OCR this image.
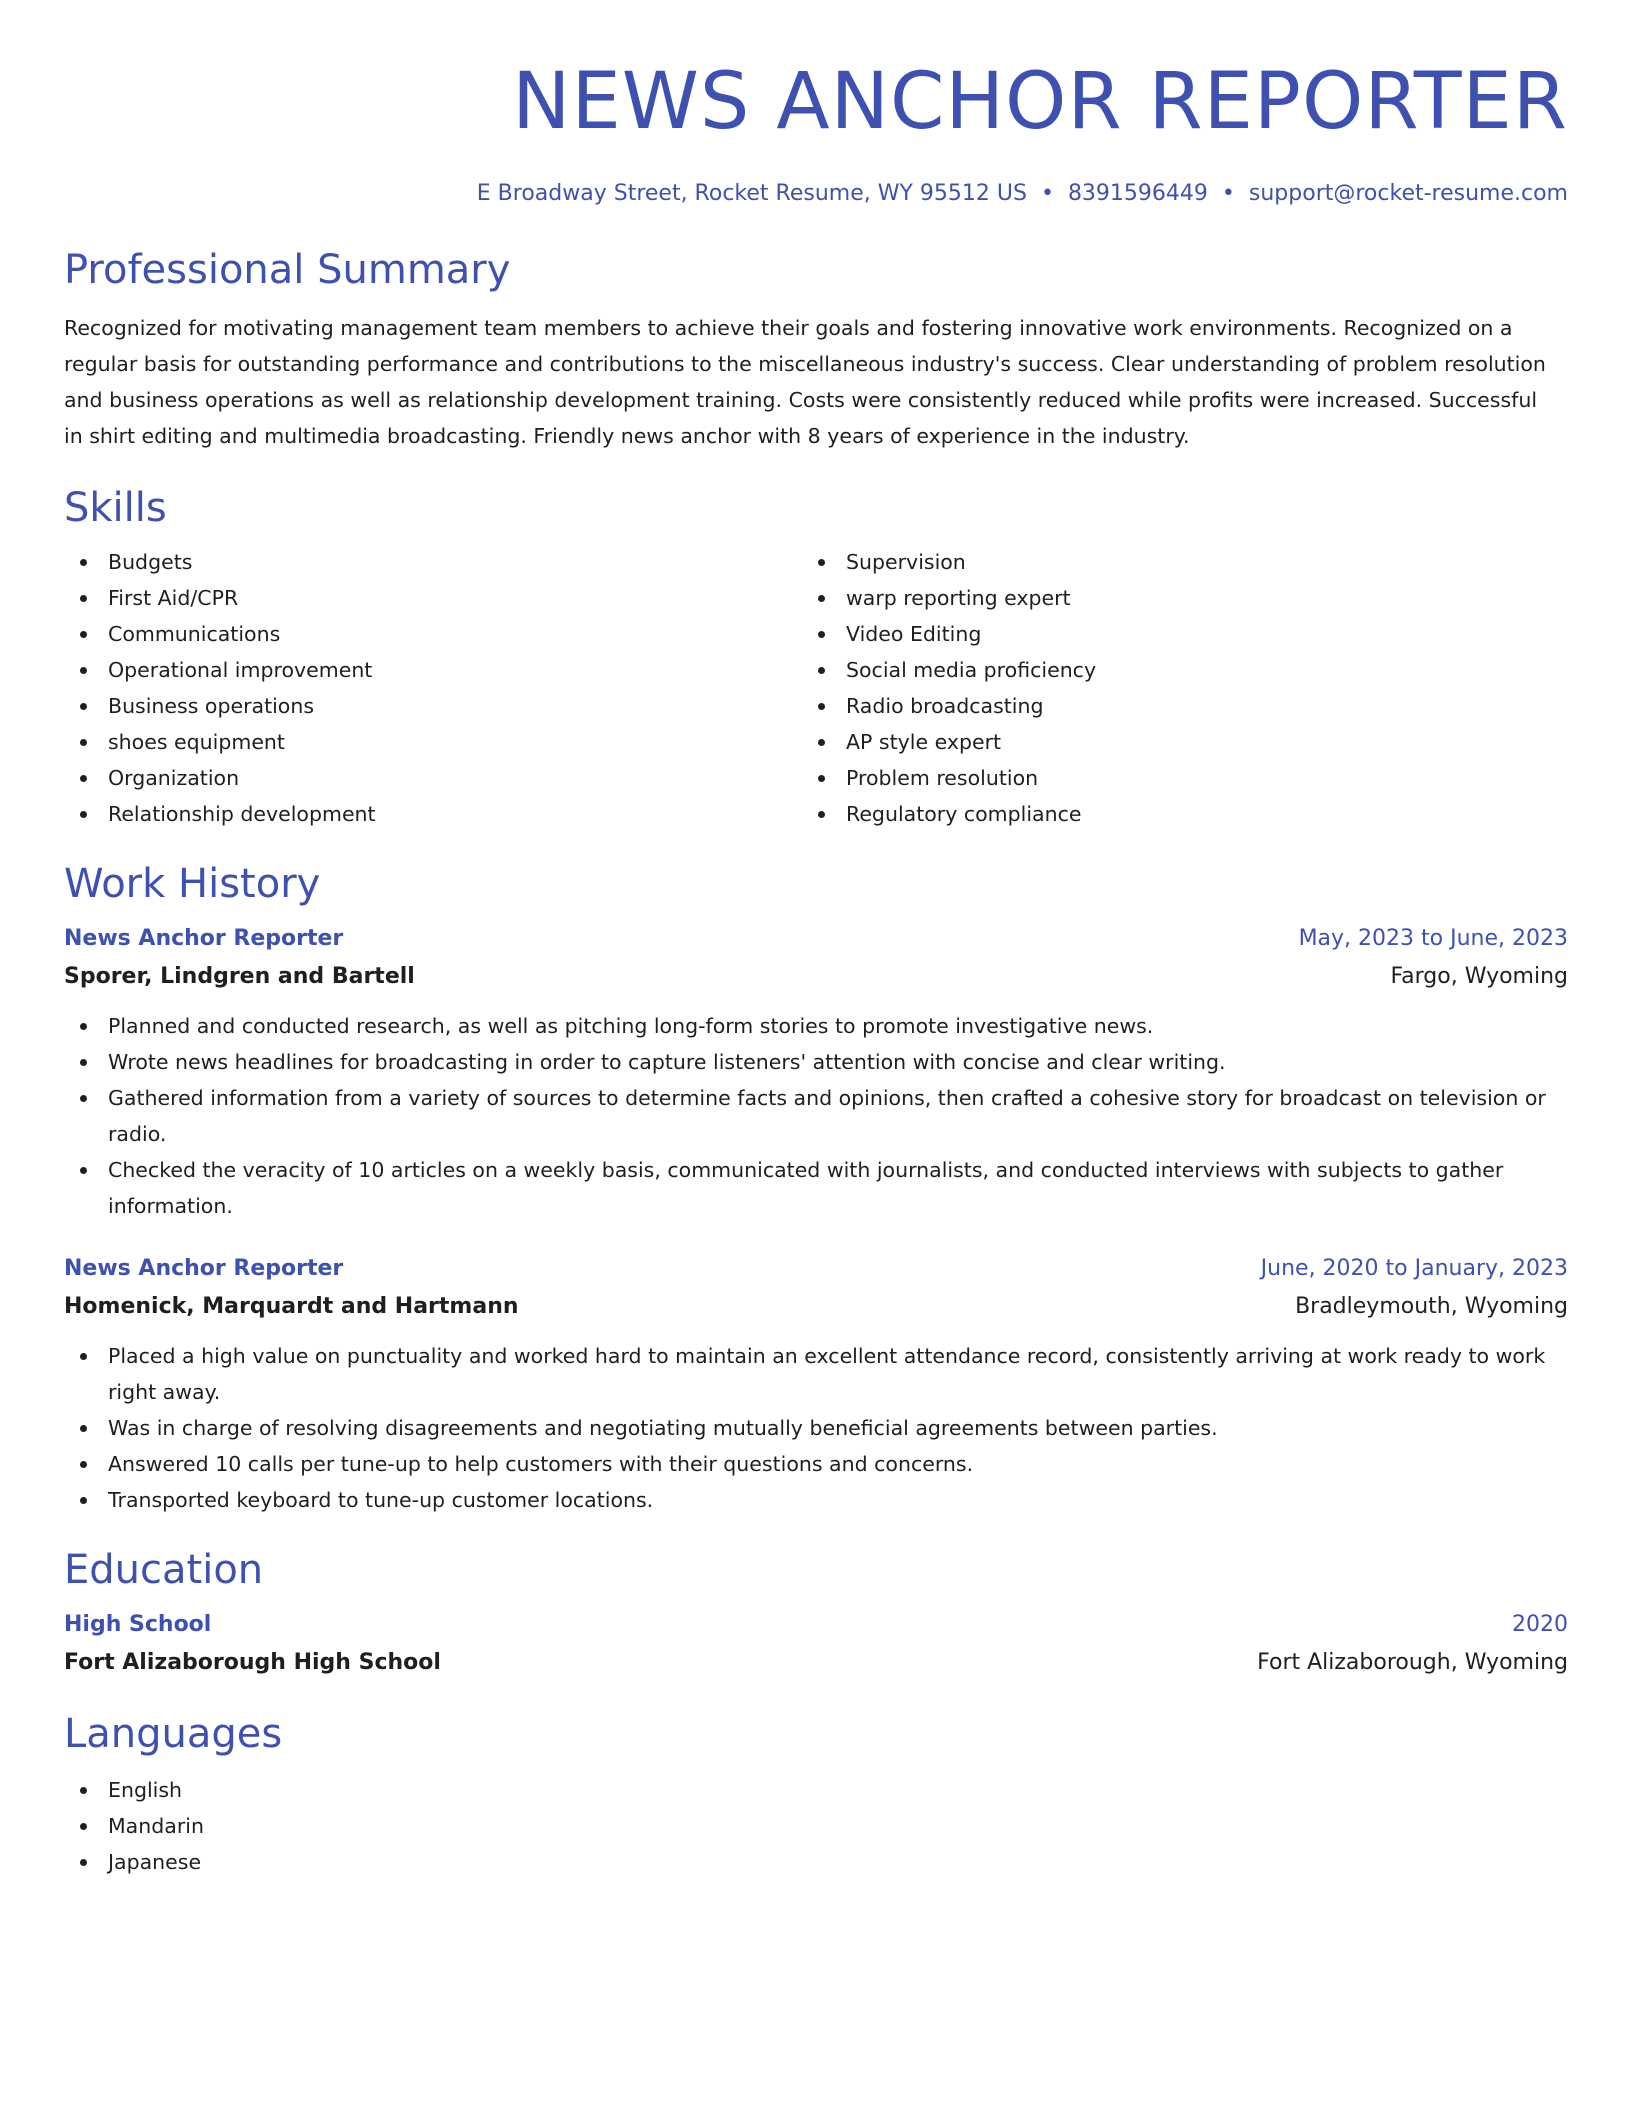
NEWS ANCHOR REPORTER
E Broadway Street, Rocket Resume, WY 95512 US • 8391596449 • support@rocket-resume.com
Professional Summary
Recognized for motivating management team members to achieve their goals and fostering innovative work environments. Recognized on a regular basis for outstanding performance and contributions to the miscellaneous industry's success. Clear understanding of problem resolution and business operations as well as relationship development training. Costs were consistently reduced while profits were increased. Successful in shirt editing and multimedia broadcasting. Friendly news anchor with 8 years of experience in the industry.
Skills
Budgets
First Aid/CPR
Communications
Operational improvement
Business operations
shoes equipment
Organization
Relationship development
Supervision
warp reporting expert
Video Editing
Social media proficiency
Radio broadcasting
AP style expert
Problem resolution
Regulatory compliance
Work History
News Anchor Reporter	May, 2023 to June, 2023
Sporer, Lindgren and Bartell	Fargo, Wyoming
Planned and conducted research, as well as pitching long-form stories to promote investigative news.
Wrote news headlines for broadcasting in order to capture listeners' attention with concise and clear writing.
Gathered information from a variety of sources to determine facts and opinions, then crafted a cohesive story for broadcast on television or radio.
Checked the veracity of 10 articles on a weekly basis, communicated with journalists, and conducted interviews with subjects to gather information.
News Anchor Reporter	June, 2020 to January, 2023
Homenick, Marquardt and Hartmann	Bradleymouth, Wyoming
Placed a high value on punctuality and worked hard to maintain an excellent attendance record, consistently arriving at work ready to work right away.
Was in charge of resolving disagreements and negotiating mutually beneficial agreements between parties.
Answered 10 calls per tune-up to help customers with their questions and concerns.
Transported keyboard to tune-up customer locations.
Education
High School	2020
Fort Alizaborough High School	Fort Alizaborough, Wyoming
Languages
English
Mandarin
Japanese
